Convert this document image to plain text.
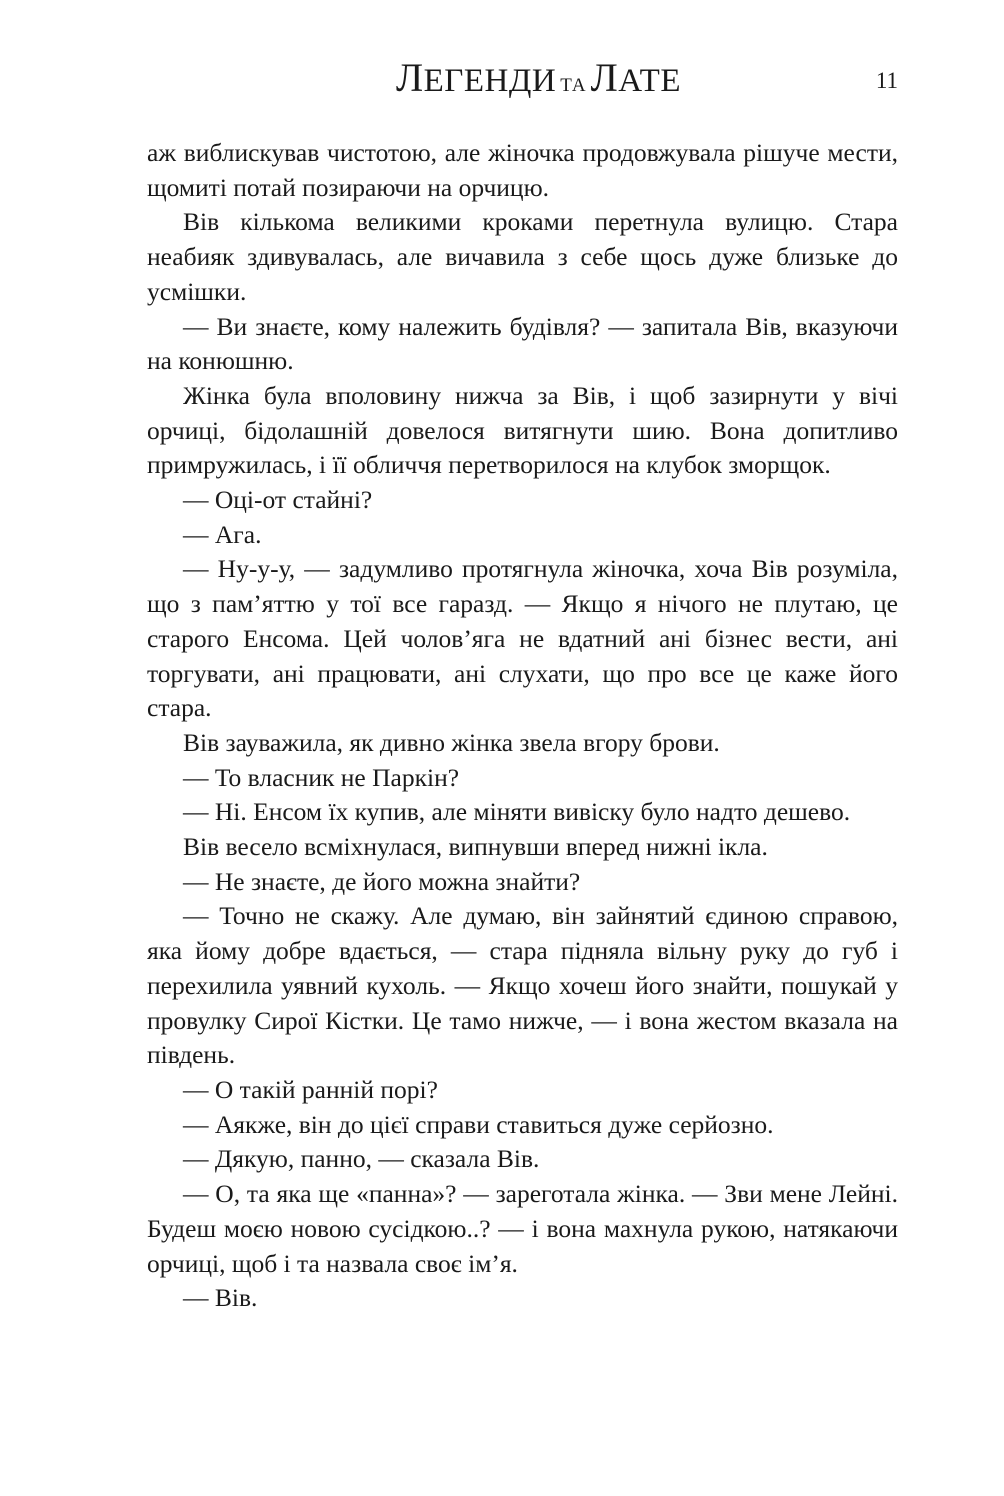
ЛЕГЕНДИ ТА ЛАТЕ	11

аж виблискував чистотою, але жіночка продовжувала рішуче мести, щомиті потай позираючи на орчицю.

Вів кількома великими кроками перетнула вулицю. Стара неабияк здивувалась, але вичавила з себе щось дуже близьке до усмішки.

— Ви знаєте, кому належить будівля? — запитала Вів, вказуючи на конюшню.

Жінка була вполовину нижча за Вів, і щоб зазирнути у вічі орчиці, бідолашній довелося витягнути шию. Вона допитливо примружилась, і її обличчя перетворилося на клубок зморщок.

— Оці-от стайні?

— Ага.

— Ну-у-у, — задумливо протягнула жіночка, хоча Вів розуміла, що з пам’яттю у тої все гаразд. — Якщо я нічого не плутаю, це старого Енсома. Цей чолов’яга не вдатний ані бізнес вести, ані торгувати, ані працювати, ані слухати, що про все це каже його стара.

Вів зауважила, як дивно жінка звела вгору брови.

— То власник не Паркін?

— Ні. Енсом їх купив, але міняти вивіску було надто дешево.

Вів весело всміхнулася, випнувши вперед нижні ікла.

— Не знаєте, де його можна знайти?

— Точно не скажу. Але думаю, він зайнятий єдиною справою, яка йому добре вдається, — стара підняла вільну руку до губ і перехилила уявний кухоль. — Якщо хочеш його знайти, пошукай у провулку Сирої Кістки. Це тамо нижче, — і вона жестом вказала на південь.

— О такій ранній порі?

— Аякже, він до цієї справи ставиться дуже серйозно.

— Дякую, панно, — сказала Вів.

— О, та яка ще «панна»? — зареготала жінка. — Зви мене Лейні. Будеш моєю новою сусідкою..? — і вона махнула рукою, натякаючи орчиці, щоб і та назвала своє ім’я.

— Вів.
